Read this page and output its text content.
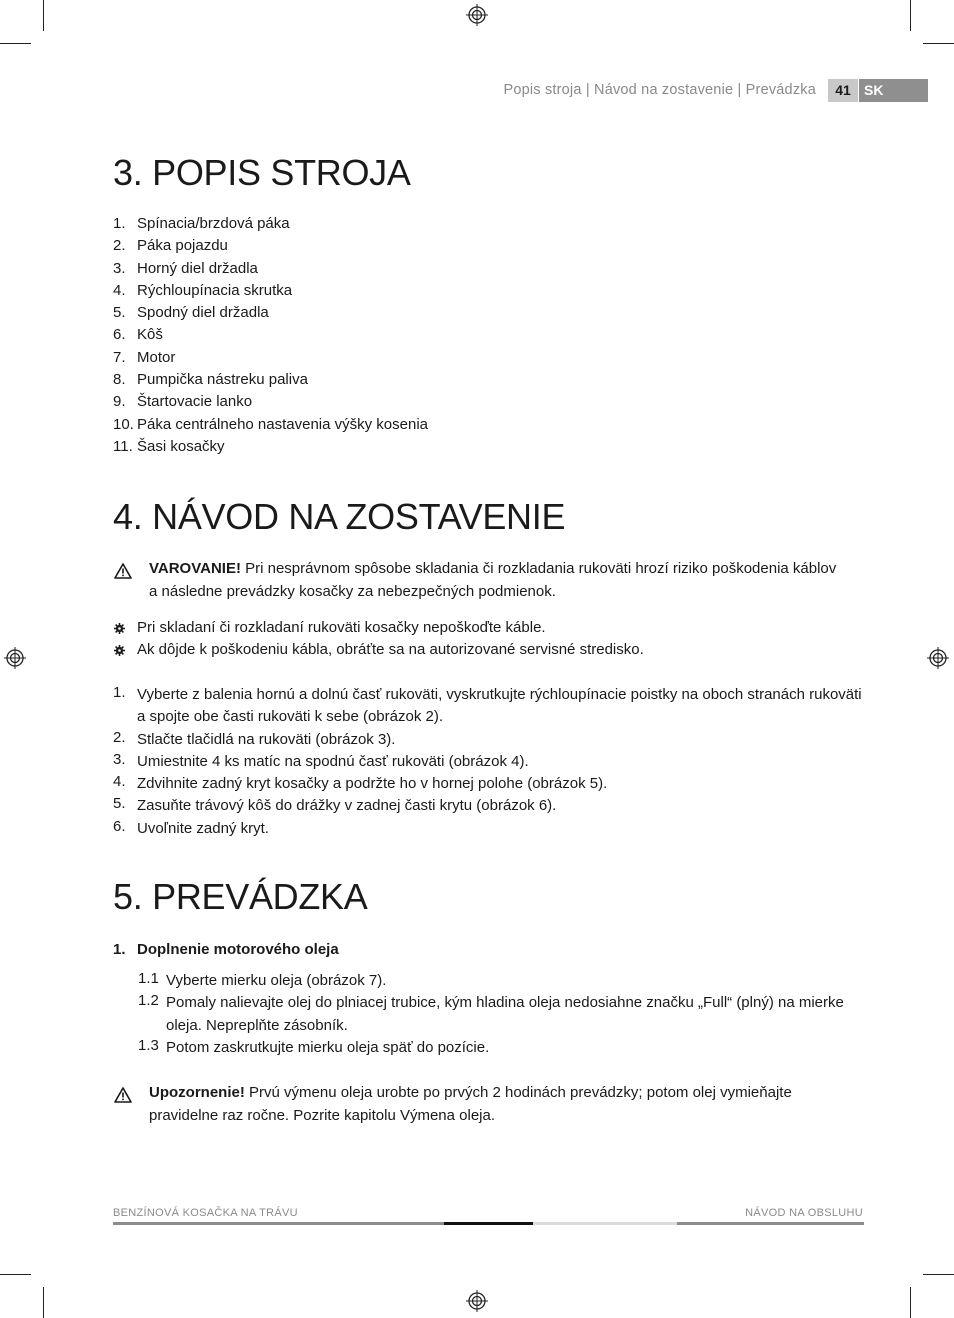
Popis stroja | Návod na zostavenie | Prevádzka	41 SK
3. POPIS STROJA
1. Spínacia/brzdová páka

2. Páka pojazdu

3. Horný diel držadla

4. Rýchloupínacia skrutka

5. Spodný diel držadla

6. Kôš

7. Motor

8. Pumpička nástreku paliva

9. Štartovacie lanko

10. Páka centrálneho nastavenia výšky kosenia

11. Šasi kosačky

4. NÁVOD NA ZOSTAVENIE
VAROVANIE! Pri nesprávnom spôsobe skladania či rozkladania rukoväti hrozí riziko poškodenia káblov
a následne prevádzky kosačky za nebezpečných podmienok.
Pri skladaní či rozkladaní rukoväti kosačky nepoškoďte káble.
Ak dôjde k poškodeniu kábla, obráťte sa na autorizované servisné stredisko.
1. Vyberte z balenia hornú a dolnú časť rukoväti, vyskrutkujte rýchloupínacie poistky na oboch stranách rukoväti a spojte obe časti rukoväti k sebe (obrázok 2).
2. Stlačte tlačidlá na rukoväti (obrázok 3).
3. Umiestnite 4 ks matíc na spodnú časť rukoväti (obrázok 4).
4. Zdvihnite zadný kryt kosačky a podržte ho v hornej polohe (obrázok 5).
5. Zasuňte trávový kôš do drážky v zadnej časti krytu (obrázok 6).
6. Uvoľnite zadný kryt.
5. PREVÁDZKA
1. Doplnenie motorového oleja
1.1 Vyberte mierku oleja (obrázok 7).
1.2 Pomaly nalievajte olej do plniacej trubice, kým hladina oleja nedosiahne značku „Full“ (plný) na mierke oleja. Nepreplňte zásobník.
1.3 Potom zaskrutkujte mierku oleja späť do pozície.
Upozornenie! Prvú výmenu oleja urobte po prvých 2 hodinách prevádzky; potom olej vymieňajte
pravidelne raz ročne. Pozrite kapitolu Výmena oleja.
BENZÍNOVÁ KOSAČKA NA TRÁVU	NÁVOD NA OBSLUHU
